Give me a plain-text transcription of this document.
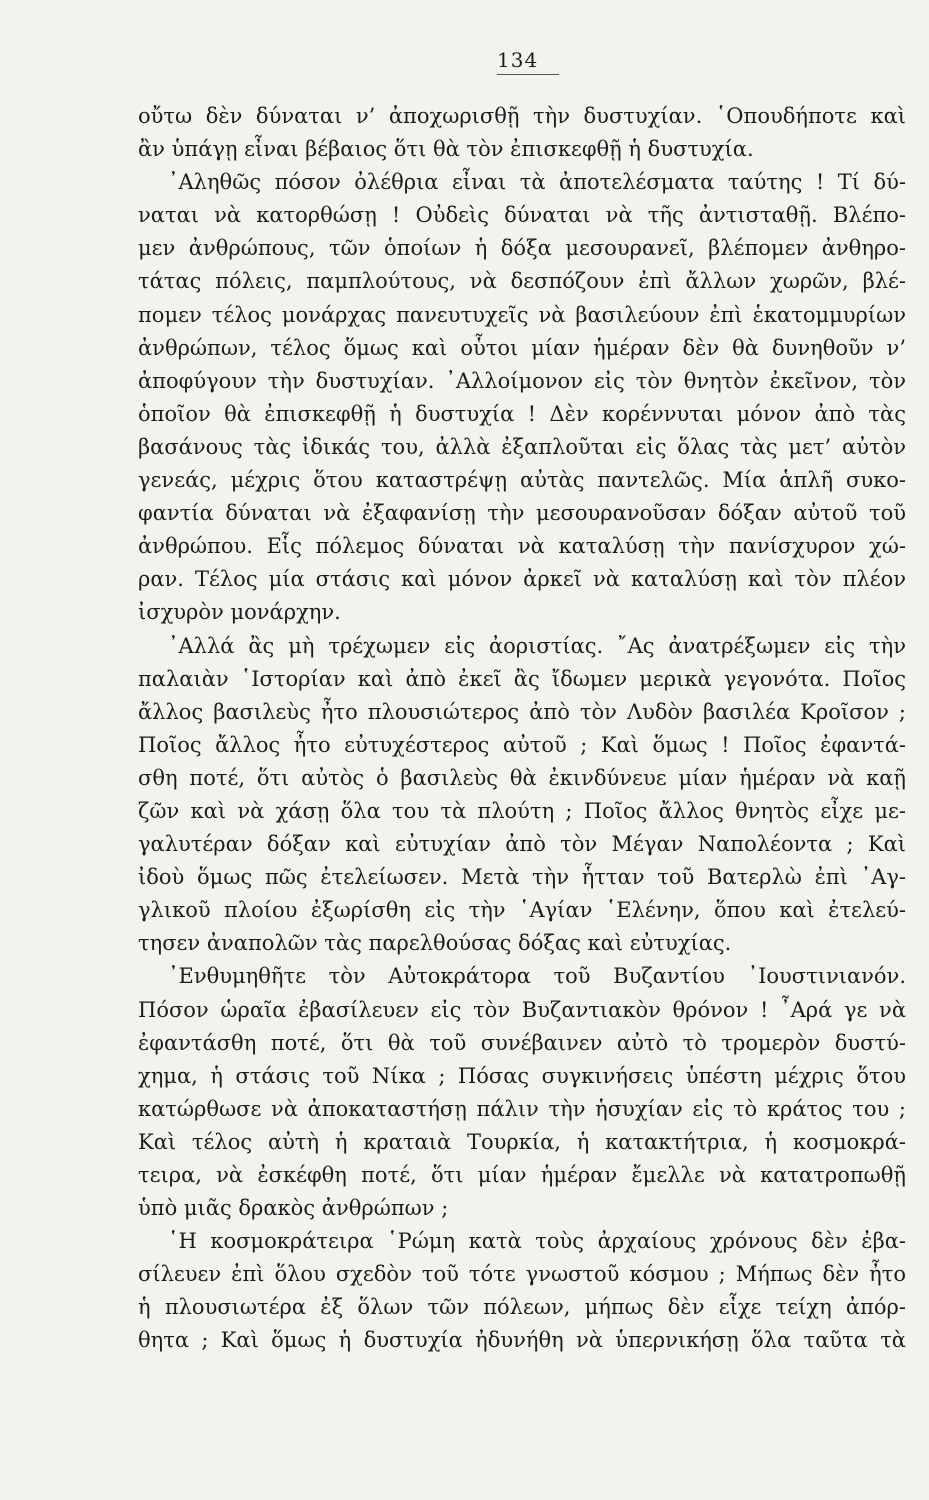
134
οὔτω δὲν δύναται ν’ ἀποχωρισθῇ τὴν δυστυχίαν. ῾Οπουδήποτε καὶ
ἂν ὑπάγῃ εἶναι βέβαιος ὅτι θὰ τὸν ἐπισκεφθῇ ἡ δυστυχία.
᾿Αληθῶς πόσον ὀλέθρια εἶναι τὰ ἀποτελέσματα ταύτης ! Τί δύ-
ναται νὰ κατορθώσῃ ! Οὐδεὶς δύναται νὰ τῆς ἀντισταθῇ. Βλέπο-
μεν ἀνθρώπους, τῶν ὁποίων ἡ δόξα μεσουρανεῖ, βλέπομεν ἀνθηρο-
τάτας πόλεις, παμπλούτους, νὰ δεσπόζουν ἐπὶ ἄλλων χωρῶν, βλέ-
πομεν τέλος μονάρχας πανευτυχεῖς νὰ βασιλεύουν ἐπὶ ἑκατομμυρίων
ἀνθρώπων, τέλος ὅμως καὶ οὗτοι μίαν ἡμέραν δὲν θὰ δυνηθοῦν ν’
ἀποφύγουν τὴν δυστυχίαν. ᾿Αλλοίμονον εἰς τὸν θνητὸν ἐκεῖνον, τὸν
ὁποῖον θὰ ἐπισκεφθῇ ἡ δυστυχία ! Δὲν κορέννυται μόνον ἀπὸ τὰς
βασάνους τὰς ἰδικάς του, ἀλλὰ ἐξαπλοῦται εἰς ὅλας τὰς μετ’ αὐτὸν
γενεάς, μέχρις ὅτου καταστρέψῃ αὐτὰς παντελῶς. Μία ἁπλῆ συκο-
φαντία δύναται νὰ ἐξαφανίσῃ τὴν μεσουρανοῦσαν δόξαν αὐτοῦ τοῦ
ἀνθρώπου. Εἷς πόλεμος δύναται νὰ καταλύσῃ τὴν πανίσχυρον χώ-
ραν. Τέλος μία στάσις καὶ μόνον ἀρκεῖ νὰ καταλύσῃ καὶ τὸν πλέον
ἰσχυρὸν μονάρχην.
᾿Αλλά ἂς μὴ τρέχωμεν εἰς ἀοριστίας. ῎Ας ἀνατρέξωμεν εἰς τὴν
παλαιὰν ῾Ιστορίαν καὶ ἀπὸ ἐκεῖ ἂς ἴδωμεν μερικὰ γεγονότα. Ποῖος
ἄλλος βασιλεὺς ἦτο πλουσιώτερος ἀπὸ τὸν Λυδὸν βασιλέα Κροῖσον ;
Ποῖος ἄλλος ἦτο εὐτυχέστερος αὐτοῦ ; Καὶ ὅμως ! Ποῖος ἐφαντά-
σθη ποτέ, ὅτι αὐτὸς ὁ βασιλεὺς θὰ ἐκινδύνευε μίαν ἡμέραν νὰ καῇ
ζῶν καὶ νὰ χάσῃ ὅλα του τὰ πλούτη ; Ποῖος ἄλλος θνητὸς εἶχε με-
γαλυτέραν δόξαν καὶ εὐτυχίαν ἀπὸ τὸν Μέγαν Ναπολέοντα ; Καὶ
ἰδοὺ ὅμως πῶς ἐτελείωσεν. Μετὰ τὴν ἧτταν τοῦ Βατερλὼ ἐπὶ ᾿Αγ-
γλικοῦ πλοίου ἐξωρίσθη εἰς τὴν ῾Αγίαν ῾Ελένην, ὅπου καὶ ἐτελεύ-
τησεν ἀναπολῶν τὰς παρελθούσας δόξας καὶ εὐτυχίας.
᾿Ενθυμηθῆτε τὸν Αὐτοκράτορα τοῦ Βυζαντίου ᾿Ιουστινιανόν.
Πόσον ὡραῖα ἐβασίλευεν εἰς τὸν Βυζαντιακὸν θρόνον ! ῏Αρά γε νὰ
ἐφαντάσθη ποτέ, ὅτι θὰ τοῦ συνέβαινεν αὐτὸ τὸ τρομερὸν δυστύ-
χημα, ἡ στάσις τοῦ Νίκα ; Πόσας συγκινήσεις ὑπέστη μέχρις ὅτου
κατώρθωσε νὰ ἀποκαταστήσῃ πάλιν τὴν ἡσυχίαν εἰς τὸ κράτος του ;
Καὶ τέλος αὐτὴ ἡ κραταιὰ Τουρκία, ἡ κατακτήτρια, ἡ κοσμοκρά-
τειρα, νὰ ἐσκέφθη ποτέ, ὅτι μίαν ἡμέραν ἔμελλε νὰ κατατροπωθῇ
ὑπὸ μιᾶς δρακὸς ἀνθρώπων ;
῾Η κοσμοκράτειρα ῾Ρώμη κατὰ τοὺς ἀρχαίους χρόνους δὲν ἐβα-
σίλευεν ἐπὶ ὅλου σχεδὸν τοῦ τότε γνωστοῦ κόσμου ; Μήπως δὲν ἦτο
ἡ πλουσιωτέρα ἐξ ὅλων τῶν πόλεων, μήπως δὲν εἶχε τείχη ἀπόρ-
θητα ; Καὶ ὅμως ἡ δυστυχία ἠδυνήθη νὰ ὑπερνικήσῃ ὅλα ταῦτα τὰ
